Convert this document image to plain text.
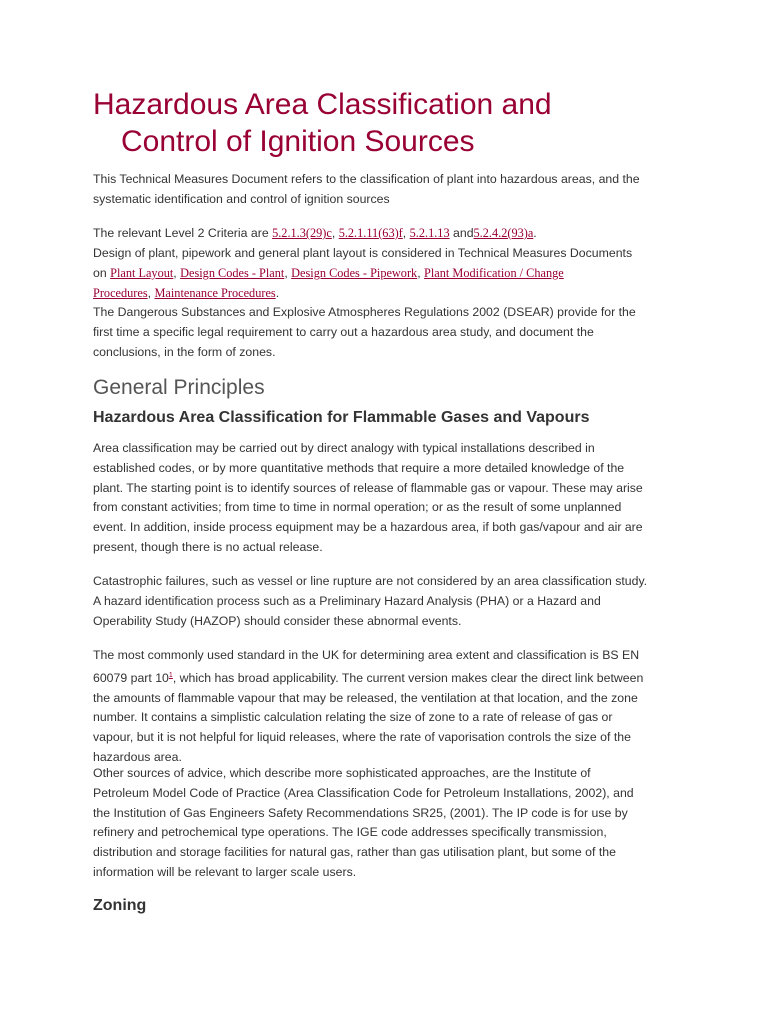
Hazardous Area Classification and
Control of Ignition Sources
This Technical Measures Document refers to the classification of plant into hazardous areas, and the
systematic identification and control of ignition sources
The relevant Level 2 Criteria are 5.2.1.3(29)c, 5.2.1.11(63)f, 5.2.1.13 and5.2.4.2(93)a.
Design of plant, pipework and general plant layout is considered in Technical Measures Documents
on Plant Layout, Design Codes - Plant, Design Codes - Pipework, Plant Modification / Change
Procedures, Maintenance Procedures.
The Dangerous Substances and Explosive Atmospheres Regulations 2002 (DSEAR) provide for the
first time a specific legal requirement to carry out a hazardous area study, and document the
conclusions, in the form of zones.
General Principles
Hazardous Area Classification for Flammable Gases and Vapours
Area classification may be carried out by direct analogy with typical installations described in
established codes, or by more quantitative methods that require a more detailed knowledge of the
plant. The starting point is to identify sources of release of flammable gas or vapour. These may arise
from constant activities; from time to time in normal operation; or as the result of some unplanned
event. In addition, inside process equipment may be a hazardous area, if both gas/vapour and air are
present, though there is no actual release.
Catastrophic failures, such as vessel or line rupture are not considered by an area classification study.
A hazard identification process such as a Preliminary Hazard Analysis (PHA) or a Hazard and
Operability Study (HAZOP) should consider these abnormal events.
The most commonly used standard in the UK for determining area extent and classification is BS EN
60079 part 10$^1$, which has broad applicability. The current version makes clear the direct link between
the amounts of flammable vapour that may be released, the ventilation at that location, and the zone
number. It contains a simplistic calculation relating the size of zone to a rate of release of gas or
vapour, but it is not helpful for liquid releases, where the rate of vaporisation controls the size of the
hazardous area.
Other sources of advice, which describe more sophisticated approaches, are the Institute of
Petroleum Model Code of Practice (Area Classification Code for Petroleum Installations, 2002), and
the Institution of Gas Engineers Safety Recommendations SR25, (2001). The IP code is for use by
refinery and petrochemical type operations. The IGE code addresses specifically transmission,
distribution and storage facilities for natural gas, rather than gas utilisation plant, but some of the
information will be relevant to larger scale users.
Zoning
